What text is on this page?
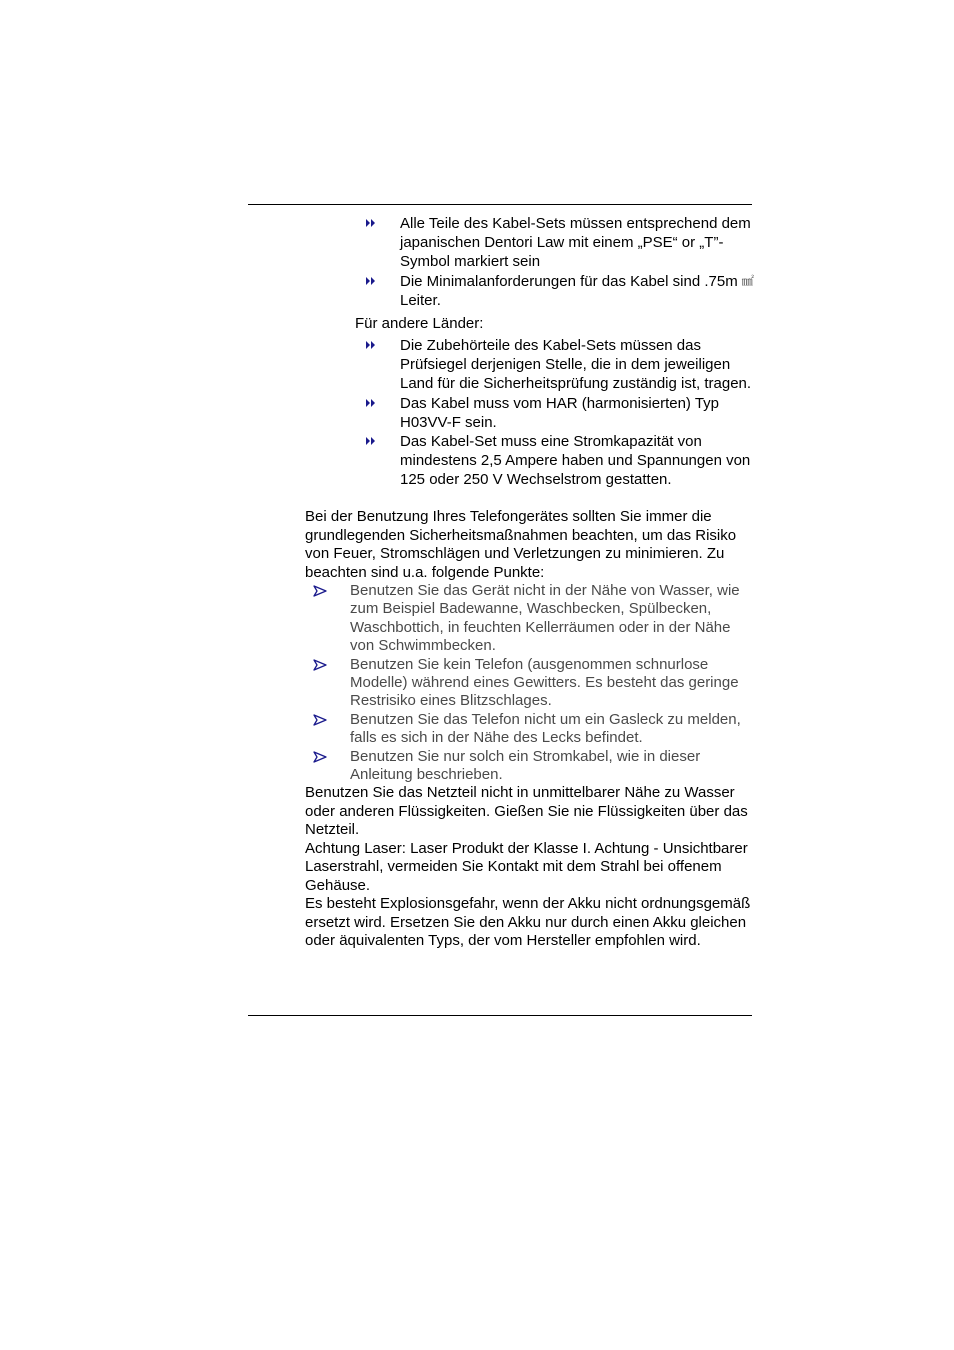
Alle Teile des Kabel-Sets müssen entsprechend dem japanischen Dentori Law mit einem „PSE“ or „T”-Symbol markiert sein
Die Minimalanforderungen für das Kabel sind .75m ㎟ Leiter.
Für andere Länder:
Die Zubehörteile des Kabel-Sets müssen das Prüfsiegel derjenigen Stelle, die in dem jeweiligen Land für die Sicherheitsprüfung zuständig ist, tragen.
Das Kabel muss vom HAR (harmonisierten) Typ H03VV-F sein.
Das Kabel-Set muss eine Stromkapazität von mindestens 2,5 Ampere haben und Spannungen von 125 oder 250 V Wechselstrom gestatten.

Bei der Benutzung Ihres Telefongerätes sollten Sie immer die grundlegenden Sicherheitsmaßnahmen beachten, um das Risiko von Feuer, Stromschlägen und Verletzungen zu minimieren. Zu beachten sind u.a. folgende Punkte:

Benutzen Sie das Gerät nicht in der Nähe von Wasser, wie zum Beispiel Badewanne, Waschbecken, Spülbecken, Waschbottich, in feuchten Kellerräumen oder in der Nähe von Schwimmbecken.
Benutzen Sie kein Telefon (ausgenommen schnurlose Modelle) während eines Gewitters. Es besteht das geringe Restrisiko eines Blitzschlages.
Benutzen Sie das Telefon nicht um ein Gasleck zu melden, falls es sich in der Nähe des Lecks befindet.
Benutzen Sie nur solch ein Stromkabel, wie in dieser Anleitung beschrieben.

Benutzen Sie das Netzteil nicht in unmittelbarer Nähe zu Wasser oder anderen Flüssigkeiten. Gießen Sie nie Flüssigkeiten über das Netzteil.
Achtung Laser: Laser Produkt der Klasse I. Achtung - Unsichtbarer Laserstrahl, vermeiden Sie Kontakt mit dem Strahl bei offenem Gehäuse.
Es besteht Explosionsgefahr, wenn der Akku nicht ordnungsgemäß ersetzt wird. Ersetzen Sie den Akku nur durch einen Akku gleichen oder äquivalenten Typs, der vom Hersteller empfohlen wird.
